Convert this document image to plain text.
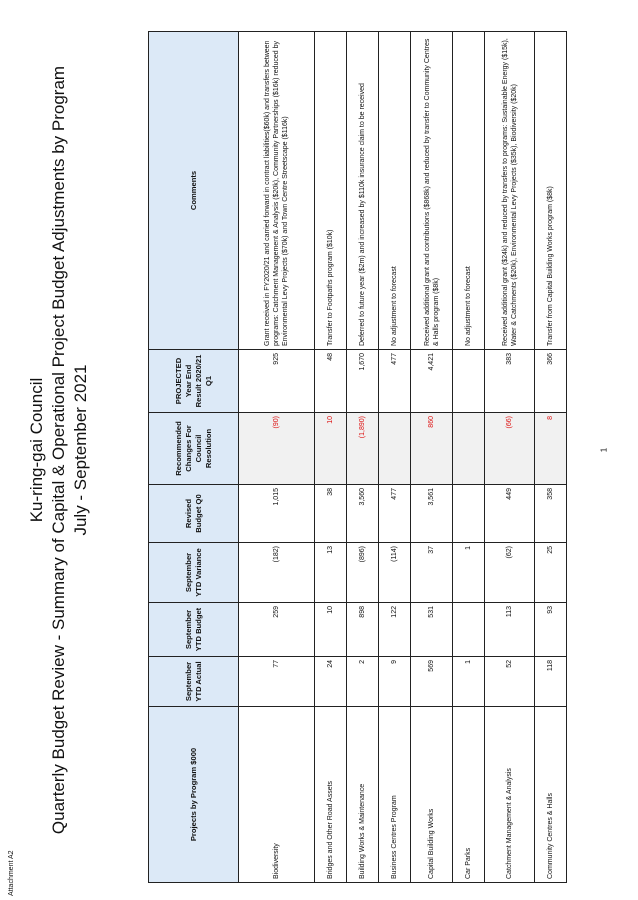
Attachment A2
Ku-ring-gai Council Quarterly Budget Review - Summary of Capital & Operational Project Budget Adjustments by Program July - September 2021	1
Projects by Program $000	September YTD Actual	September YTD Budget	September YTD Variance	Revised Budget Q0	Recommended Changes For Council Resolution	PROJECTED Year End Result 2020/21 Q1	Comments
Biodiversity	77	259	(182)	1,015	(90)	925	Grant received in FY2020/21 and carried forward in contract liabilities($60k) and transfers between programs: Catchment Management & Analysis ($20k), Community Partnerships ($16k) reduced by Environmental Levy Projects ($70k) and Town Centre Streetscape ($116k)
Bridges and Other Road Assets	24	10	13	38	10	48	Transfer to Footpaths program ($10k)
Building Works & Maintenance	2	898	(896)	3,560	(1,890)	1,670	Deferred to future year ($2m) and increased by $110k insurance claim to be received
Business Centres Program	9	122	(114)	477		477	No adjustment to forecast
Capital Building Works	569	531	37	3,561	860	4,421	Received additional grant and contributions ($868k) and reduced by transfer to Community Centres & Halls program ($8k)
Car Parks	1		1				No adjustment to forecast
Catchment Management & Analysis	52	113	(62)	449	(66)	383	Received additional grant ($24k) and reduced by transfers to programs: Sustainable Energy ($15k), Water & Catchments ($20k), Environmental Levy Projects ($35k), Biodiversity ($20k)
Community Centres & Halls	118	93	25	358	8	366	Transfer from Capital Building Works program ($8k)
